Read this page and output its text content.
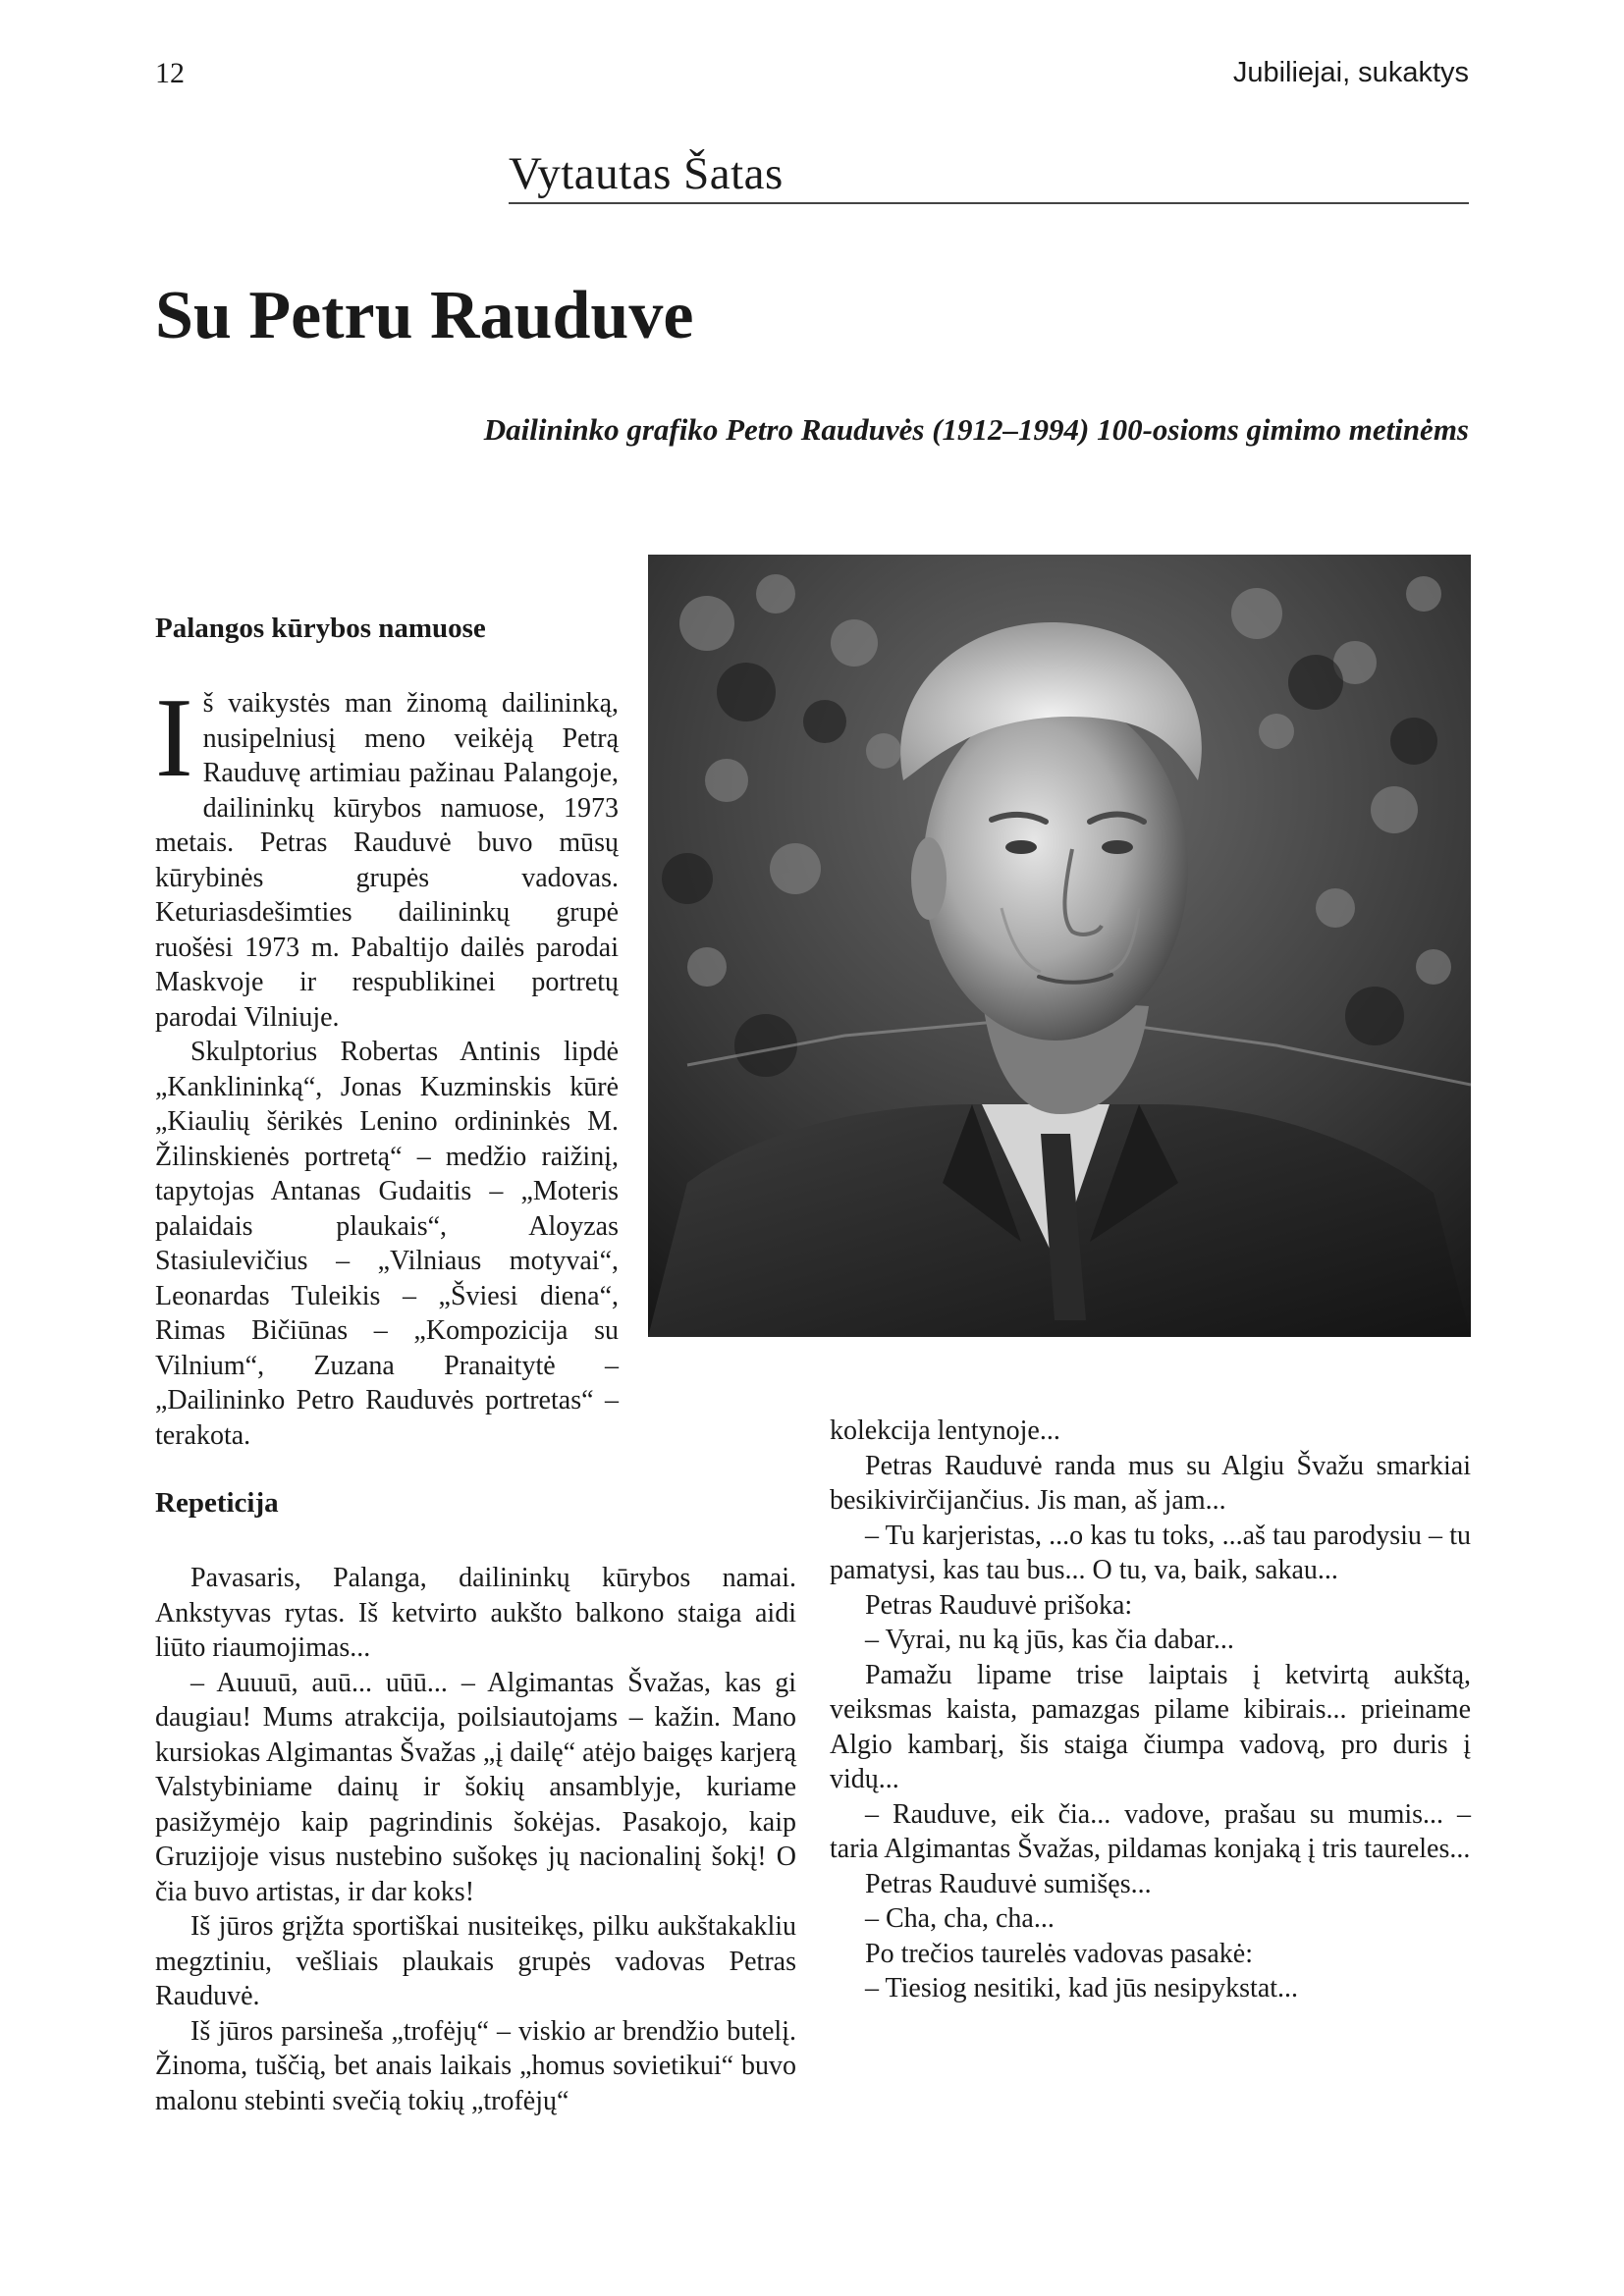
12	Jubiliejai, sukaktys
Vytautas Šatas
Su Petru Rauduve
Dailininko grafiko Petro Rauduvės (1912–1994) 100-osioms gimimo metinėms
Palangos kūrybos namuose

Iš vaikystės man žinomą dailininką, nusipelniusį meno veikėją Petrą Rauduvę artimiau pažinau Palangoje, dailininkų kūrybos namuose, 1973 metais. Petras Rauduvė buvo mūsų kūrybinės grupės vadovas. Keturiasdešimties dailininkų grupė ruošėsi 1973 m. Pabaltijo dailės parodai Maskvoje ir respublikinei portretų parodai Vilniuje.

Skulptorius Robertas Antinis lipdė „Kanklininką“, Jonas Kuzminskis kūrė „Kiaulių šėrikės Lenino ordininkės M. Žilinskienės portretą“ – medžio raižinį, tapytojas Antanas Gudaitis – „Moteris palaidais plaukais“, Aloyzas Stasiulevičius – „Vilniaus motyvai“, Leonardas Tuleikis – „Šviesi diena“, Rimas Bičiūnas – „Kompozicija su Vilnium“, Zuzana Pranaitytė – „Dailininko Petro Rauduvės portretas“ – terakota.

Repeticija

Pavasaris, Palanga, dailininkų kūrybos namai. Ankstyvas rytas. Iš ketvirto aukšto balkono staiga aidi liūto riaumojimas...

– Auuuū, auū... uūū... – Algimantas Švažas, kas gi daugiau! Mums atrakcija, poilsiautojams – kažin. Mano kursiokas Algimantas Švažas „į dailę“ atėjo baigęs karjerą Valstybiniame dainų ir šokių ansamblyje, kuriame pasižymėjo kaip pagrindinis šokėjas. Pasakojo, kaip Gruzijoje visus nustebino sušokęs jų nacionalinį šokį! O čia buvo artistas, ir dar koks!

Iš jūros grįžta sportiškai nusiteikęs, pilku aukštakakliu megztiniu, vešliais plaukais grupės vadovas Petras Rauduvė.

Iš jūros parsineša „trofėjų“ – viskio ar brendžio butelį. Žinoma, tuščią, bet anais laikais „homus sovietikui“ buvo malonu stebinti svečią tokių „trofėjų“

kolekcija lentynoje...

Petras Rauduvė randa mus su Algiu Švažu smarkiai besikivirčijančius. Jis man, aš jam...

– Tu karjeristas, ...o kas tu toks, ...aš tau parodysiu – tu pamatysi, kas tau bus... O tu, va, baik, sakau...

Petras Rauduvė prišoka:

– Vyrai, nu ką jūs, kas čia dabar...

Pamažu lipame trise laiptais į ketvirtą aukštą, veiksmas kaista, pamazgas pilame kibirais... prieiname Algio kambarį, šis staiga čiumpa vadovą, pro duris į vidų...

– Rauduve, eik čia... vadove, prašau su mumis... – taria Algimantas Švažas, pildamas konjaką į tris taureles...

Petras Rauduvė sumišęs...

– Cha, cha, cha...

Po trečios taurelės vadovas pasakė:

– Tiesiog nesitiki, kad jūs nesipykstat...
